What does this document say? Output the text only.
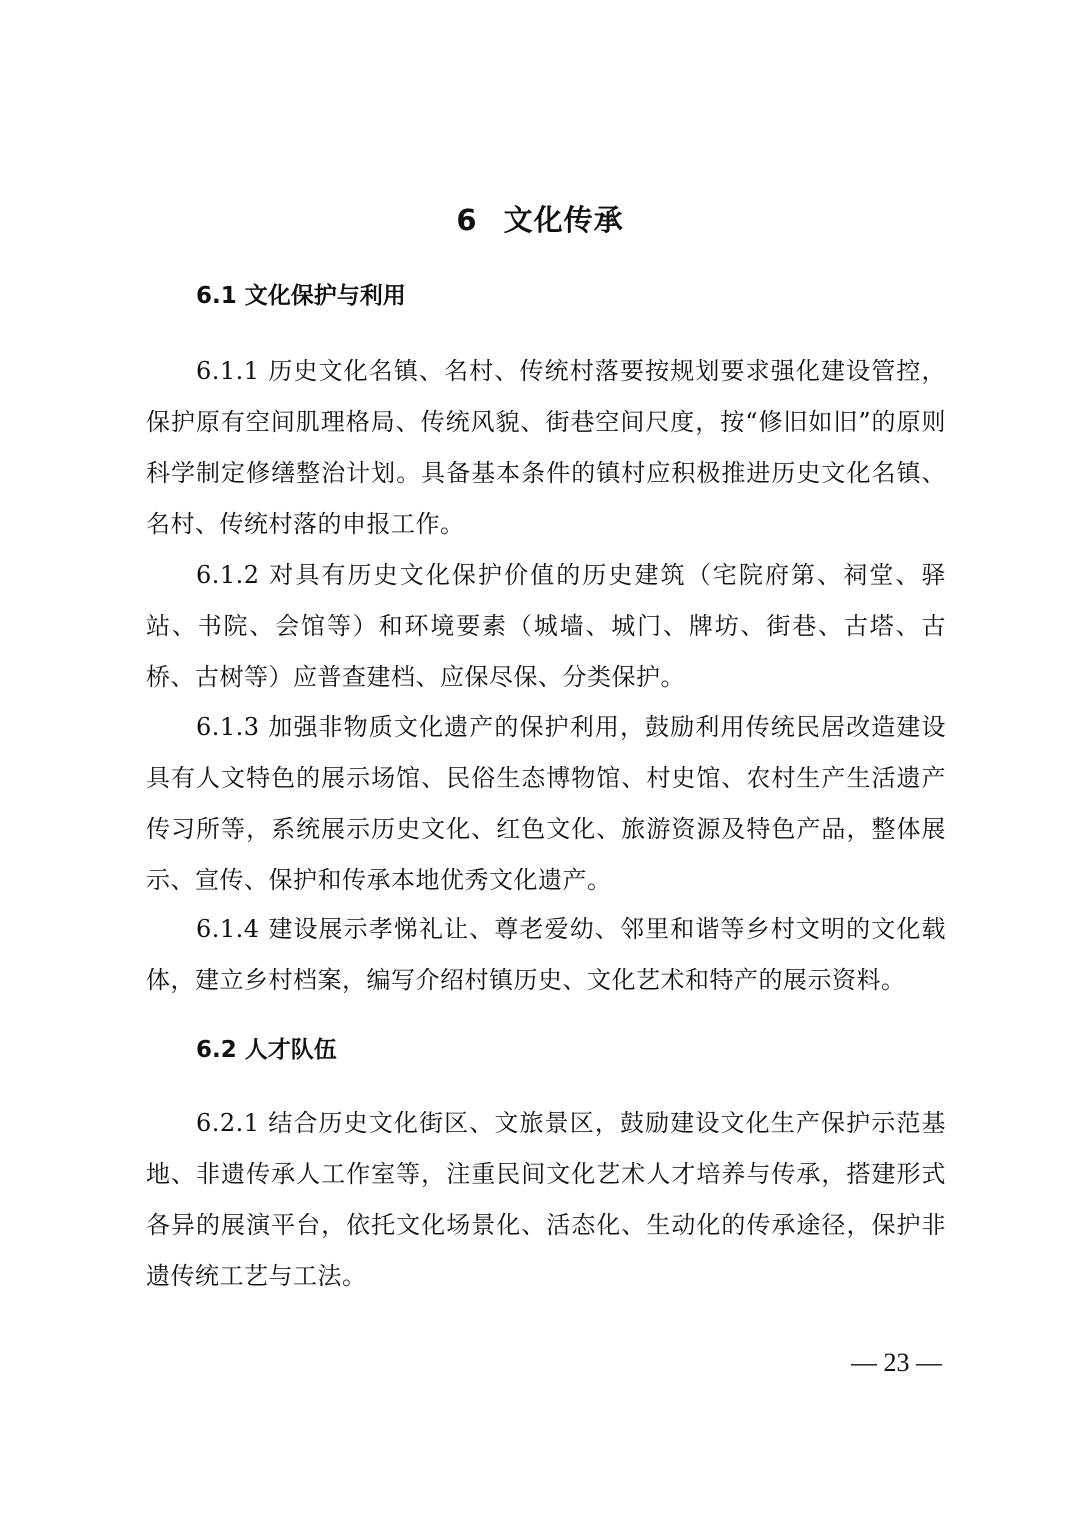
6 文化传承
6.1 文化保护与利用

6.1.1 历史文化名镇、名村、传统村落要按规划要求强化建设管控，保护原有空间肌理格局、传统风貌、街巷空间尺度，按“修旧如旧”的原则科学制定修缮整治计划。具备基本条件的镇村应积极推进历史文化名镇、名村、传统村落的申报工作。

6.1.2 对具有历史文化保护价值的历史建筑（宅院府第、祠堂、驿站、书院、会馆等）和环境要素（城墙、城门、牌坊、街巷、古塔、古桥、古树等）应普查建档、应保尽保、分类保护。

6.1.3 加强非物质文化遗产的保护利用，鼓励利用传统民居改造建设具有人文特色的展示场馆、民俗生态博物馆、村史馆、农村生产生活遗产传习所等，系统展示历史文化、红色文化、旅游资源及特色产品，整体展示、宣传、保护和传承本地优秀文化遗产。

6.1.4 建设展示孝悌礼让、尊老爱幼、邻里和谐等乡村文明的文化载体，建立乡村档案，编写介绍村镇历史、文化艺术和特产的展示资料。

6.2 人才队伍

6.2.1 结合历史文化街区、文旅景区，鼓励建设文化生产保护示范基地、非遗传承人工作室等，注重民间文化艺术人才培养与传承，搭建形式各异的展演平台，依托文化场景化、活态化、生动化的传承途径，保护非遗传统工艺与工法。

— 23 —
